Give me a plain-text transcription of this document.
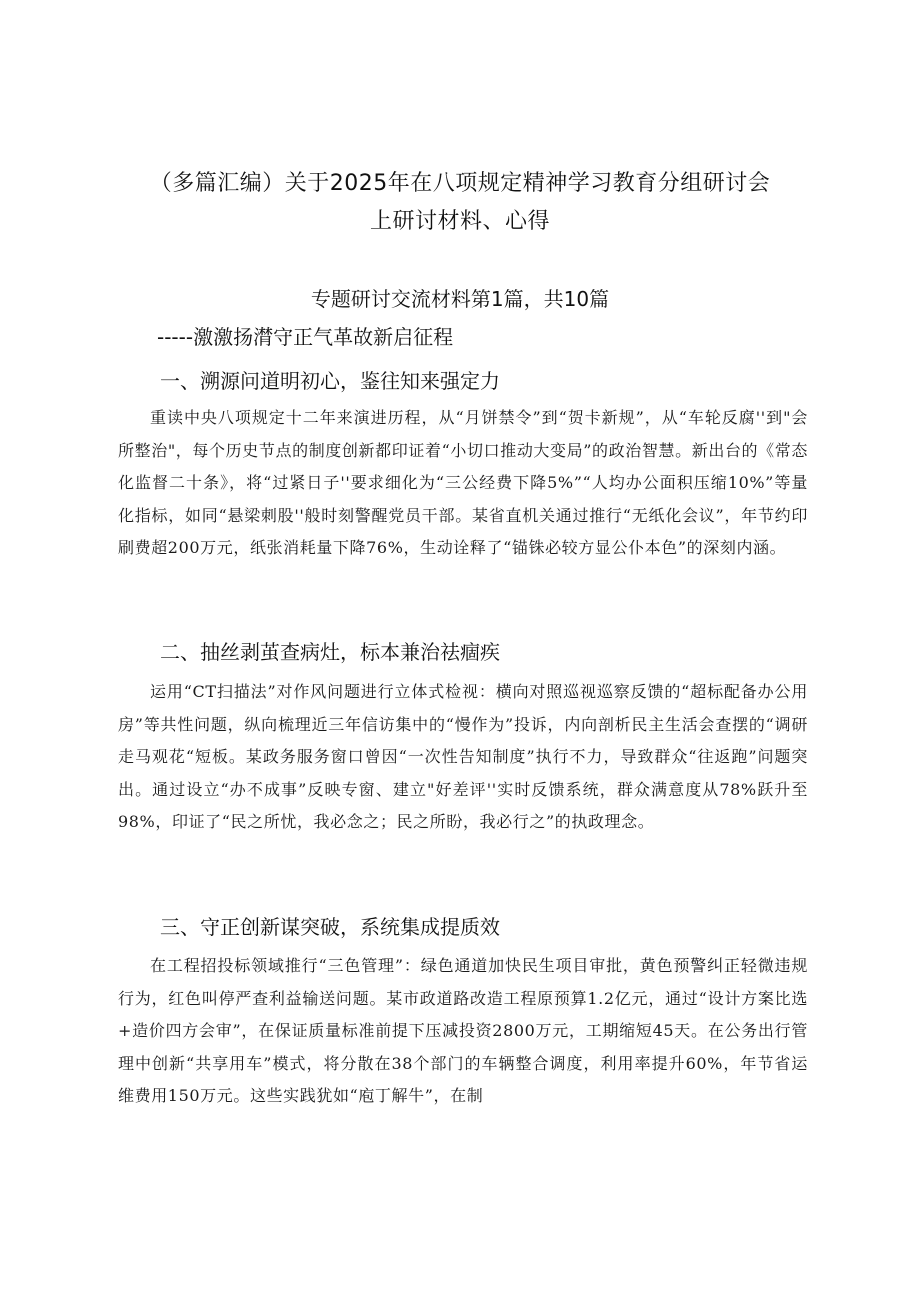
（多篇汇编）关于2025年在八项规定精神学习教育分组研讨会
上研讨材料、心得
专题研讨交流材料第1篇，共10篇
-----激激扬潸守正气革故新启征程
一、溯源问道明初心，鉴往知来强定力

重读中央八项规定十二年来演进历程，从“月饼禁令”到“贺卡新规”，从“车轮反腐''到"会所整治"，每个历史节点的制度创新都印证着“小切口推动大变局”的政治智慧。新出台的《常态化监督二十条》，将“过紧日子''要求细化为“三公经费下降5%”“人均办公面积压缩10%”等量化指标，如同“悬梁刺股''般时刻警醒党员干部。某省直机关通过推行“无纸化会议”，年节约印刷费超200万元，纸张消耗量下降76%，生动诠释了“锚铢必较方显公仆本色”的深刻内涵。

二、抽丝剥茧查病灶，标本兼治祛痼疾

运用“CT扫描法”对作风问题进行立体式检视：横向对照巡视巡察反馈的“超标配备办公用房”等共性问题，纵向梳理近三年信访集中的“慢作为”投诉，内向剖析民主生活会查摆的“调研走马观花“短板。某政务服务窗口曾因“一次性告知制度”执行不力，导致群众“往返跑”问题突出。通过设立“办不成事”反映专窗、建立"好差评''实时反馈系统，群众满意度从78%跃升至98%，印证了“民之所忧，我必念之；民之所盼，我必行之”的执政理念。

三、守正创新谋突破，系统集成提质效

在工程招投标领域推行“三色管理”：绿色通道加快民生项目审批，黄色预警纠正轻微违规行为，红色叫停严查利益输送问题。某市政道路改造工程原预算1.2亿元，通过“设计方案比选+造价四方会审”，在保证质量标准前提下压减投资2800万元，工期缩短45天。在公务出行管理中创新“共享用车”模式，将分散在38个部门的车辆整合调度，利用率提升60%，年节省运维费用150万元。这些实践犹如“庖丁解牛”，在制
